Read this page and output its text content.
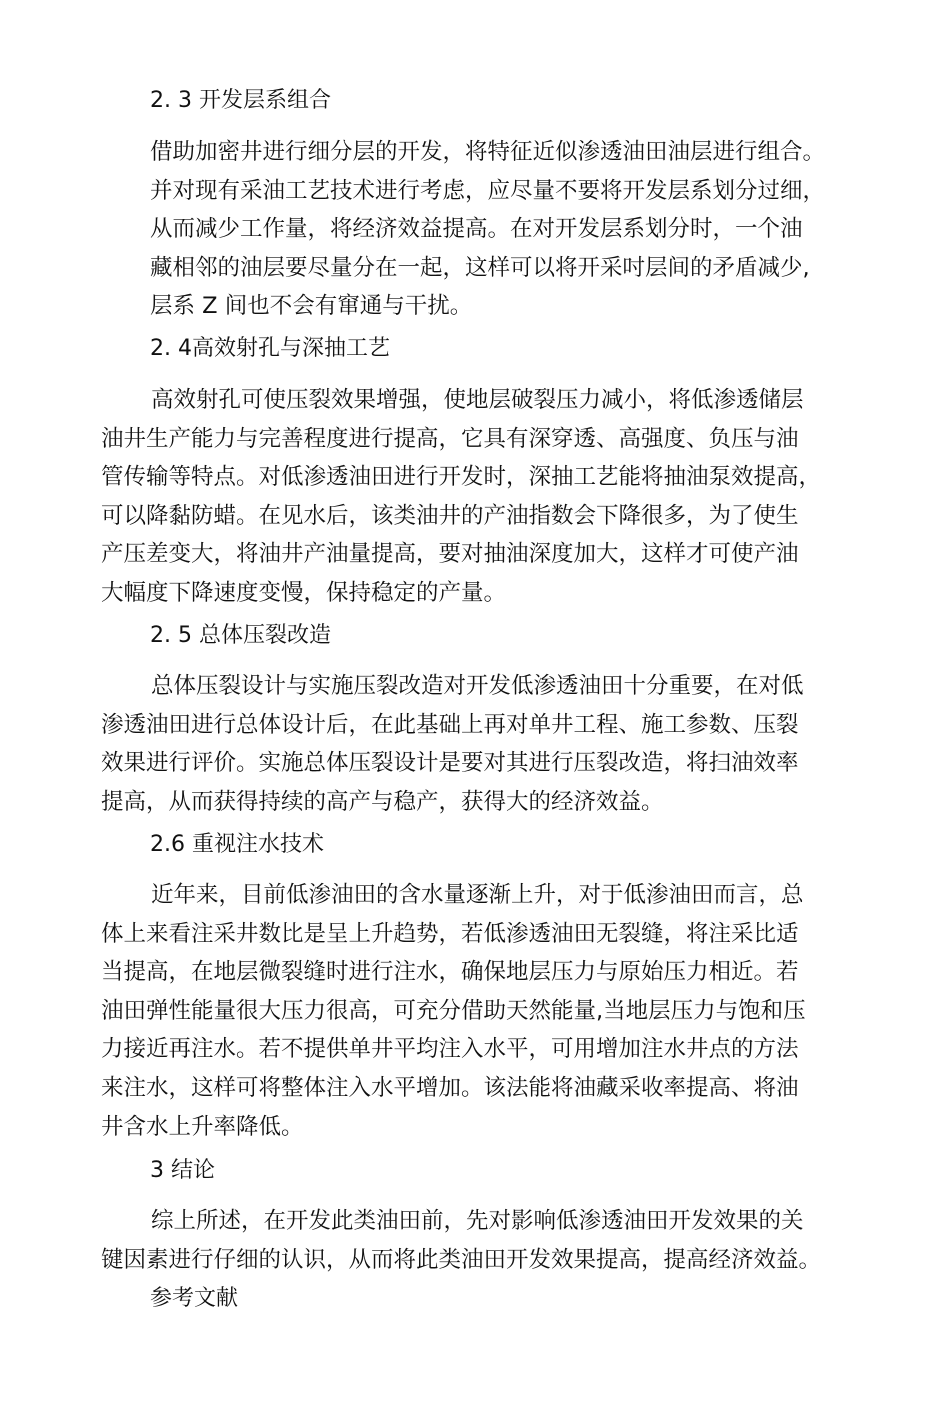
2. 3 开发层系组合
借助加密井进行细分层的开发，将特征近似渗透油田油层进行组合。
并对现有采油工艺技术进行考虑，应尽量不要将开发层系划分过细，
从而减少工作量，将经济效益提高。在对开发层系划分时，一个油
藏相邻的油层要尽量分在一起，这样可以将开采吋层间的矛盾减少,
层系 Z 间也不会有窜通与干扰。
2. 4高效射孔与深抽工艺
高效射孔可使压裂效果增强，使地层破裂压力减小，将低渗透储层
油井生产能力与完善程度进行提高，它具有深穿透、高强度、负压与油
管传输等特点。对低渗透油田进行开发时，深抽工艺能将抽油泵效提高，
可以降黏防蜡。在见水后，该类油井的产油指数会下降很多，为了使生
产压差变大，将油井产油量提高，要对抽油深度加大，这样才可使产油
大幅度下降速度变慢，保持稳定的产量。
2. 5 总体压裂改造
总体压裂设计与实施压裂改造对开发低渗透油田十分重要，在对低
渗透油田进行总体设计后，在此基础上再对单井工程、施工参数、压裂
效果进行评价。实施总体压裂设计是要对其进行压裂改造，将扫油效率
提高，从而获得持续的高产与稳产，获得大的经济效益。
2.6 重视注水技术
近年来，目前低渗油田的含水量逐渐上升，对于低渗油田而言，总
体上来看注采井数比是呈上升趋势，若低渗透油田无裂缝，将注采比适
当提高，在地层微裂缝时进行注水，确保地层压力与原始压力相近。若
油田弹性能量很大压力很高，可充分借助天然能量,当地层压力与饱和压
力接近再注水。若不提供单井平均注入水平，可用增加注水井点的方法
来注水，这样可将整体注入水平增加。该法能将油藏采收率提高、将油
井含水上升率降低。
3 结论
综上所述，在开发此类油田前，先对影响低渗透油田开发效果的关
键因素进行仔细的认识，从而将此类油田开发效果提高，提高经济效益。
参考文献
